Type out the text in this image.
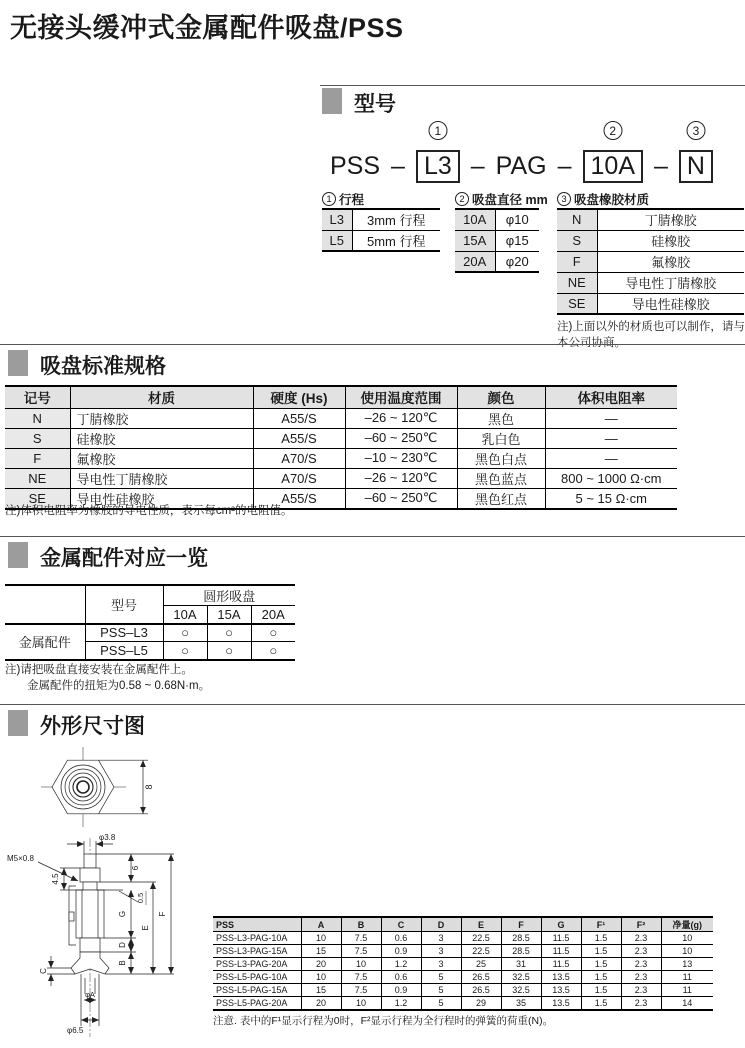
无接头缓冲式金属配件吸盘/PSS
型号
PSS –
1
L3 – PAG –
2
10A –
3
N
1 行程
L3	3mm 行程
L5	5mm 行程
2 吸盘直径 mm
10A	φ10
15A	φ15
20A	φ20
3 吸盘橡胶材质
N	丁腈橡胶
S	硅橡胶
F	氟橡胶
NE	导电性丁腈橡胶
SE	导电性硅橡胶
注)上面以外的材质也可以制作，请与本公司协商。
吸盘标准规格
记号	材质	硬度 (Hs)	使用温度范围	颜色	体积电阻率
N	丁腈橡胶	A55/S	–26 ~ 120℃	黑色	—
S	硅橡胶	A55/S	–60 ~ 250℃	乳白色	—
F	氟橡胶	A70/S	–10 ~ 230℃	黑色白点	—
NE	导电性丁腈橡胶	A70/S	–26 ~ 120℃	黑色蓝点	800 ~ 1000 Ω·cm
SE	导电性硅橡胶	A55/S	–60 ~ 250℃	黑色红点	5 ~ 15 Ω·cm
注)体积电阻率为橡胶的导电性质，表示每cm³的电阻值。
金属配件对应一览
	型号	圆形吸盘		
		10A	15A	20A
金属配件	PSS–L3	○	○	○
	PSS–L5	○	○	○
注)请把吸盘直接安装在金属配件上。
金属配件的扭矩为0.58 ~ 0.68N·m。
外形尺寸图
8
φ3.8
M5×0.8
4.5
6
0.5
G
D
B
E
F
C
φA
φ6.5
PSS	A	B	C	D	E	F	G	F¹	F²	净量(g)
PSS-L3-PAG-10A	10	7.5	0.6	3	22.5	28.5	11.5	1.5	2.3	10
PSS-L3-PAG-15A	15	7.5	0.9	3	22.5	28.5	11.5	1.5	2.3	10
PSS-L3-PAG-20A	20	10	1.2	3	25	31	11.5	1.5	2.3	13
PSS-L5-PAG-10A	10	7.5	0.6	5	26.5	32.5	13.5	1.5	2.3	11
PSS-L5-PAG-15A	15	7.5	0.9	5	26.5	32.5	13.5	1.5	2.3	11
PSS-L5-PAG-20A	20	10	1.2	5	29	35	13.5	1.5	2.3	14
注意. 表中的F¹显示行程为0时，F²显示行程为全行程时的弹簧的荷重(N)。
